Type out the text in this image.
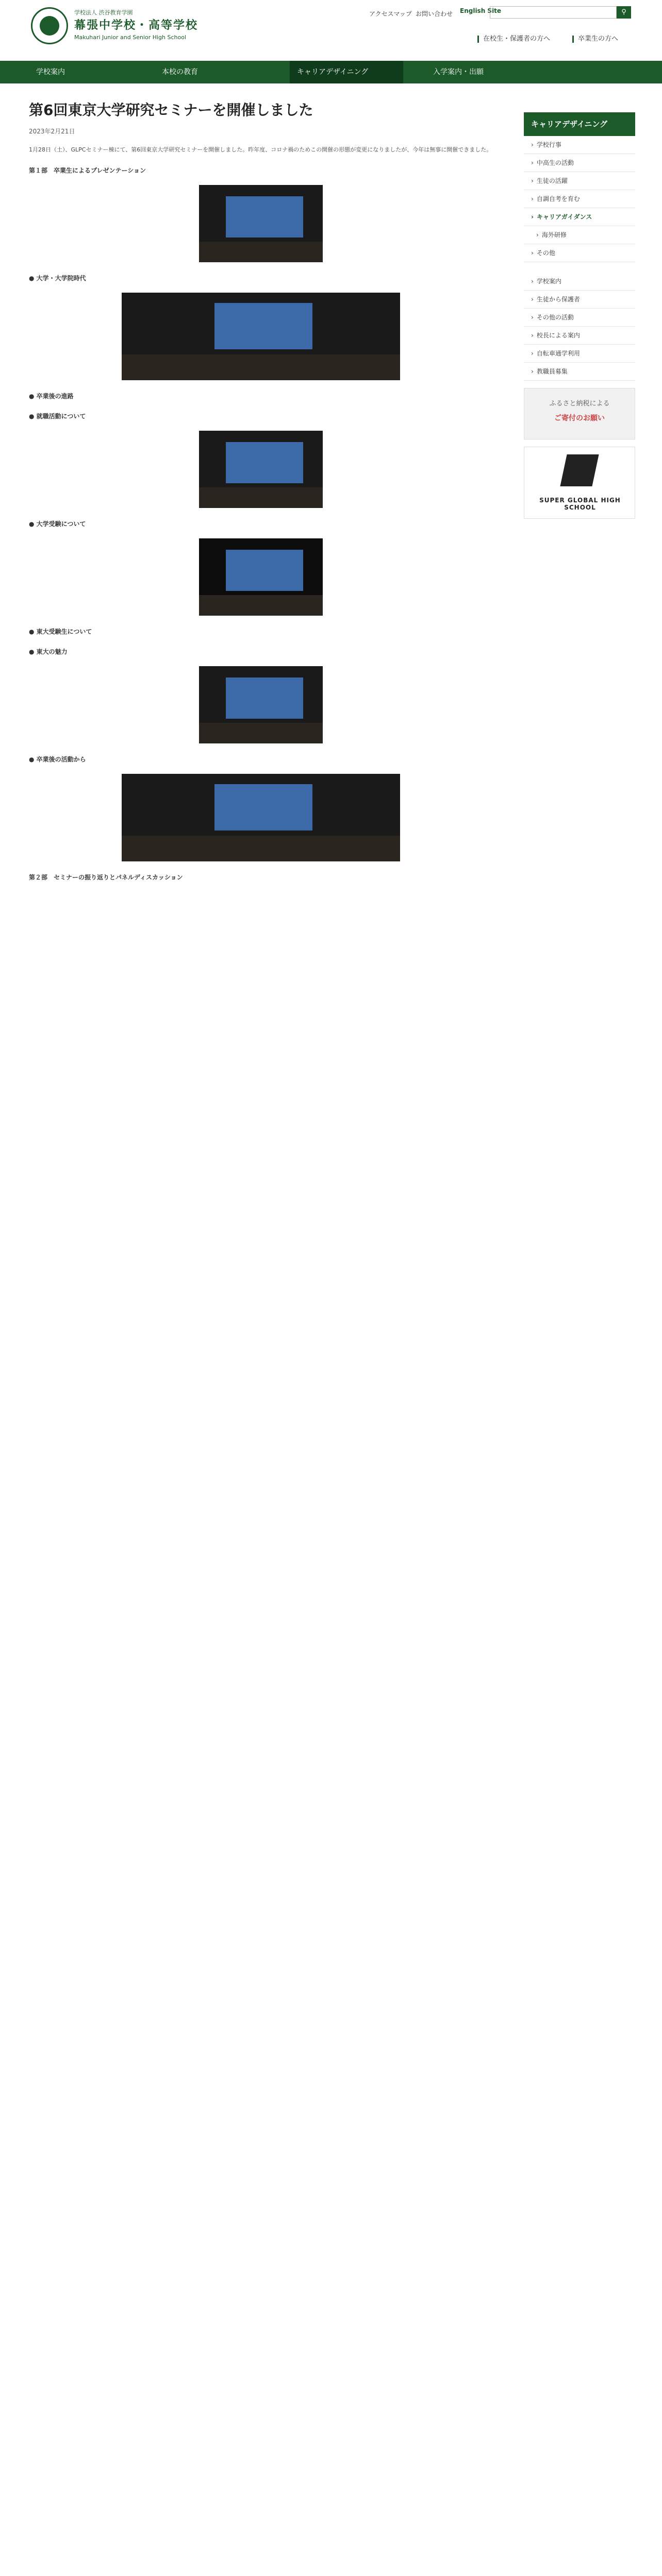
学校法人 渋谷教育学園
幕張中学校・高等学校
Makuhari Junior and Senior High School
アクセスマップ お問い合わせ English Site	⚲
在校生・保護者の方へ	卒業生の方へ
学校案内	本校の教育	キャリアデザイニング	入学案内・出願
第6回東京大学研究セミナーを開催しました
2023年2月21日
1月28日（土）、GLPCセミナー棟にて、第6回東京大学研究セミナーを開催しました。昨年度、コロナ禍のためこの開催の形態が変更になりましたが、今年は無事に開催できました。
第１部　卒業生によるプレゼンテーション
● 大学・大学院時代
● 卒業後の進路
● 就職活動について
● 大学受験について
● 東大受験生について
● 東大の魅力
● 卒業後の活動から
第２部　セミナーの振り返りとパネルディスカッション
キャリアデザイニング
› 学校行事
› 中高生の活動
› 生徒の活躍
› 自調自考を育む
› キャリアガイダンス
› 海外研修
› その他
› 学校案内
› 生徒から保護者
› その他の活動
› 校長による案内
› 自転車通学利用
› 教職員募集
ふるさと納税による
ご寄付のお願い
SUPER GLOBAL HIGH SCHOOL
